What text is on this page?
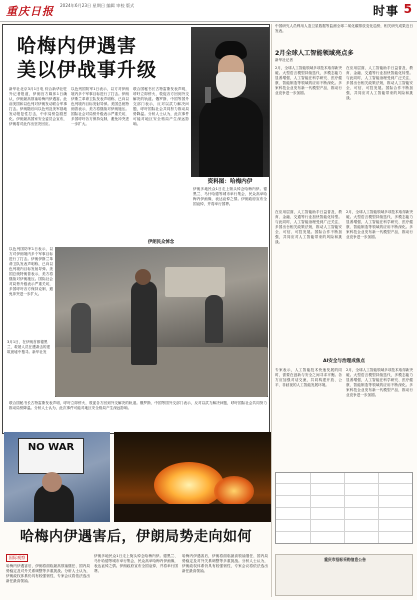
重庆日报 2024年6月23日 星期日 编辑 审校 版式	时事 5
哈梅内伊遇害
美以伊战事升级
资料图：哈梅内伊
新华社北京3月1日电 综合新华社驻外记者报道，伊朗官方媒体1日确认，伊朗最高领袖哈梅内伊遇害。此前美国和以色列对伊朗发动联合军事打击。伊朗随后向以色列及美军基地发动报复性打击，中东局势急剧恶化。伊朗最高国家安全委员会宣布，伊朗将对此作出坚决回应。
以色列国防军1日表示，以方对伊朗境内多个军事目标进行了打击。伊朗伊斯兰革命卫队发表声明称，已向以色列境内目标发射导弹。美国总统特朗普表示，美方将继续对伊朗施压。国际社会对局势升级表示严重关切，多国呼吁各方保持克制，避免冲突进一步扩大。
联合国秘书长古特雷斯发表声明，呼吁立即停火，敦促各方回到外交解决的轨道。俄罗斯、中国等国外交部门表示，反对以武力解决问题，呼吁国际社会共同努力推动局势降温。分析人士认为，此次事件可能对地区安全格局产生深远影响。
伊朗多地民众1日走上街头悼念哈梅内伊。德黑兰、马什哈德等城市举行集会，民众高举哈梅内伊画像，表达哀悼之情。伊朗政府宣布全国哀悼，并将举行国葬。
伊朗民众悼念
以色列国防军1日表示，以方对伊朗境内多个军事目标进行了打击。伊朗伊斯兰革命卫队发表声明称，已向以色列境内目标发射导弹。美国总统特朗普表示，美方将继续对伊朗施压。国际社会对局势升级表示严重关切，多国呼吁各方保持克制，避免冲突进一步扩大。
3月1日，在伊朗首都德黑兰，救援人员在遭袭击的建筑废墟中搜寻。新华社发
联合国秘书长古特雷斯发表声明，呼吁立即停火，敦促各方回到外交解决的轨道。俄罗斯、中国等国外交部门表示，反对以武力解决问题，呼吁国际社会共同努力推动局势降温。分析人士认为，此次事件可能对地区安全格局产生深远影响。
NO WAR
哈梅内伊遇害后，伊朗局势走向如何
国际观察
哈梅内伊遇害后，伊朗将面临最高领袖继任、国内局势稳定及对外关系调整等多重挑战。分析人士认为，伊朗政权体系仍具有较强韧性，专家会议将依法选出新任最高领袖。
伊朗多地民众1日走上街头悼念哈梅内伊。德黑兰、马什哈德等城市举行集会，民众高举哈梅内伊画像，表达哀悼之情。伊朗政府宣布全国哀悼，并将举行国葬。
哈梅内伊遇害后，伊朗将面临最高领袖继任、国内局势稳定及对外关系调整等多重挑战。分析人士认为，伊朗政权体系仍具有较强韧性，专家会议将依法选出新任最高领袖。
中国研究人员利用人造卫星数据等监测全球二氧化碳排放变化趋势，相关研究成果近日发表。
2月全球人工智能领域亮点多
新华社记者
2月，全球人工智能领域多项技术取得新突破。大型语言模型持续迭代，多模态能力显著增强，人工智能在科学研究、医疗健康、智能制造等领域的应用不断深化。多家科技企业发布新一代模型产品，推动行业竞争进一步加剧。
在应用层面，人工智能助手日益普及，教育、金融、交通等行业加快智能化转型。与此同时，人工智能治理受到广泛关注，多国出台相关政策法规，推动人工智能安全、可信、可控发展。国际合作不断加强，共同应对人工智能带来的风险和挑战。
在应用层面，人工智能助手日益普及，教育、金融、交通等行业加快智能化转型。与此同时，人工智能治理受到广泛关注，多国出台相关政策法规，推动人工智能安全、可信、可控发展。国际合作不断加强，共同应对人工智能带来的风险和挑战。
2月，全球人工智能领域多项技术取得新突破。大型语言模型持续迭代，多模态能力显著增强，人工智能在科学研究、医疗健康、智能制造等领域的应用不断深化。多家科技企业发布新一代模型产品，推动行业竞争进一步加剧。
AI安全与治理成焦点
专家表示，人工智能技术快速发展的同时，需要在创新与安全之间寻求平衡。各方应加强对话交流，共同构建开放、公平、非歧视的人工智能发展环境。
2月，全球人工智能领域多项技术取得新突破。大型语言模型持续迭代，多模态能力显著增强，人工智能在科学研究、医疗健康、智能制造等领域的应用不断深化。多家科技企业发布新一代模型产品，推动行业竞争进一步加剧。
重庆市招标采购信息公告
